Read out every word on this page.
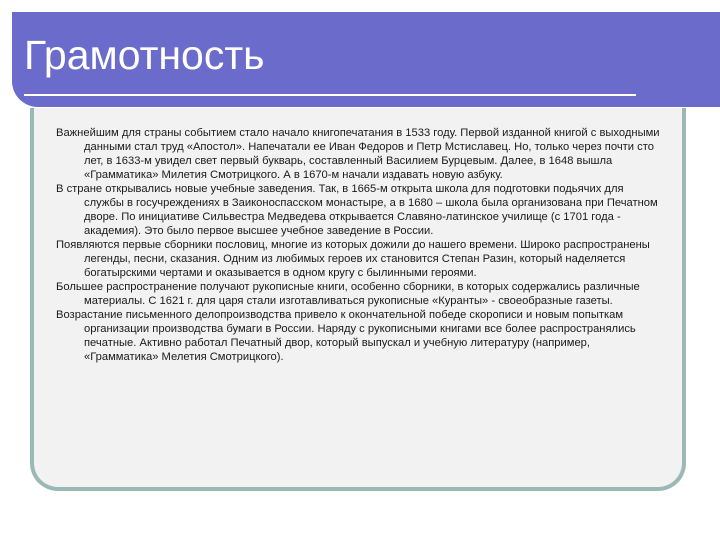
Грамотность
Важнейшим для страны событием стало начало книгопечатания в 1533 году. Первой изданной книгой с выходными данными стал труд «Апостол». Напечатали ее Иван Федоров и Петр Мстиславец. Но, только через почти сто лет, в 1633-м увидел свет первый букварь, составленный Василием Бурцевым. Далее, в 1648 вышла «Грамматика» Милетия Смотрицкого. А в 1670-м начали издавать новую азбуку.
В стране открывались новые учебные заведения. Так, в 1665-м открыта школа для подготовки подьячих для службы в госучреждениях в Заиконоспасском монастыре, а в 1680 – школа была организована при Печатном дворе. По инициативе Сильвестра Медведева открывается Славяно-латинское училище (с 1701 года - академия). Это было первое высшее учебное заведение в России.
Появляются первые сборники пословиц, многие из которых дожили до нашего времени. Широко распространены легенды, песни, сказания. Одним из любимых героев их становится Степан Разин, который наделяется богатырскими чертами и оказывается в одном кругу с былинными героями.
Большее распространение получают рукописные книги, особенно сборники, в которых содержались различные материалы. С 1621 г. для царя стали изготавливаться рукописные «Куранты» - своеобразные газеты.
Возрастание письменного делопроизводства привело к окончательной победе скорописи и новым попыткам организации производства бумаги в России. Наряду с рукописными книгами все более распространялись печатные. Активно работал Печатный двор, который выпускал и учебную литературу (например, «Грамматика» Мелетия Смотрицкого).
